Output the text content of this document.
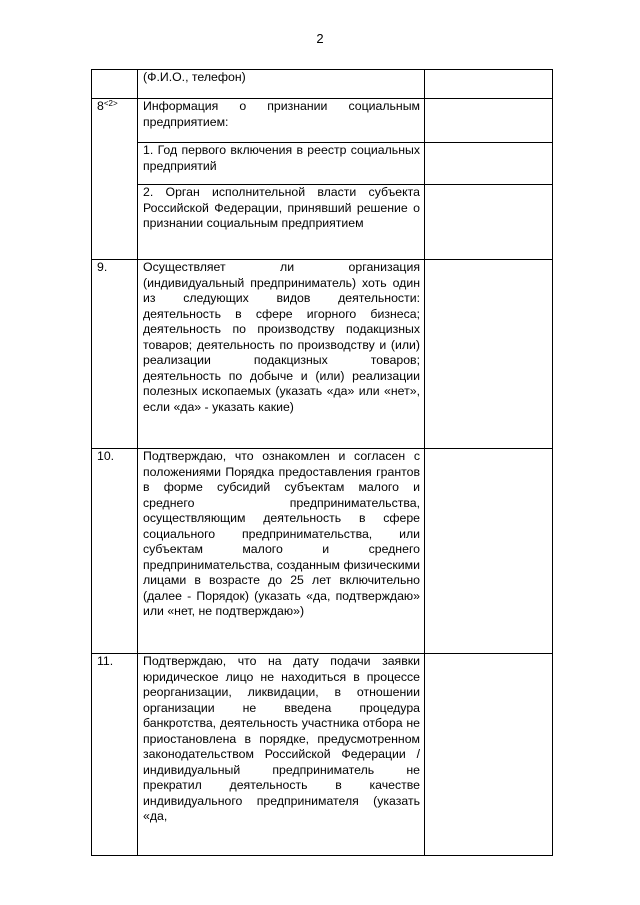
2
	(Ф.И.О., телефон)	
$8^{<2>}$	Информация о признании социальным предприятием:	
	1. Год первого включения в реестр социальных предприятий	
	2. Орган исполнительной власти субъекта Российской Федерации, принявший решение о признании социальным предприятием	
9.	Осуществляет ли организация (индивидуальный предприниматель) хоть один из следующих видов деятельности: деятельность в сфере игорного бизнеса; деятельность по производству подакцизных товаров; деятельность по производству и (или) реализации подакцизных товаров; деятельность по добыче и (или) реализации полезных ископаемых (указать «да» или «нет», если «да» - указать какие)	
10.	Подтверждаю, что ознакомлен и согласен с положениями Порядка предоставления грантов в форме субсидий субъектам малого и среднего предпринимательства, осуществляющим деятельность в сфере социального предпринимательства, или субъектам малого и среднего предпринимательства, созданным физическими лицами в возрасте до 25 лет включительно (далее - Порядок) (указать «да, подтверждаю» или «нет, не подтверждаю»)	
11.	Подтверждаю, что на дату подачи заявки юридическое лицо не находиться в процессе реорганизации, ликвидации, в отношении организации не введена процедура банкротства, деятельность участника отбора не приостановлена в порядке, предусмотренном законодательством Российской Федерации / индивидуальный предприниматель не прекратил деятельность в качестве индивидуального предпринимателя (указать «да,	
